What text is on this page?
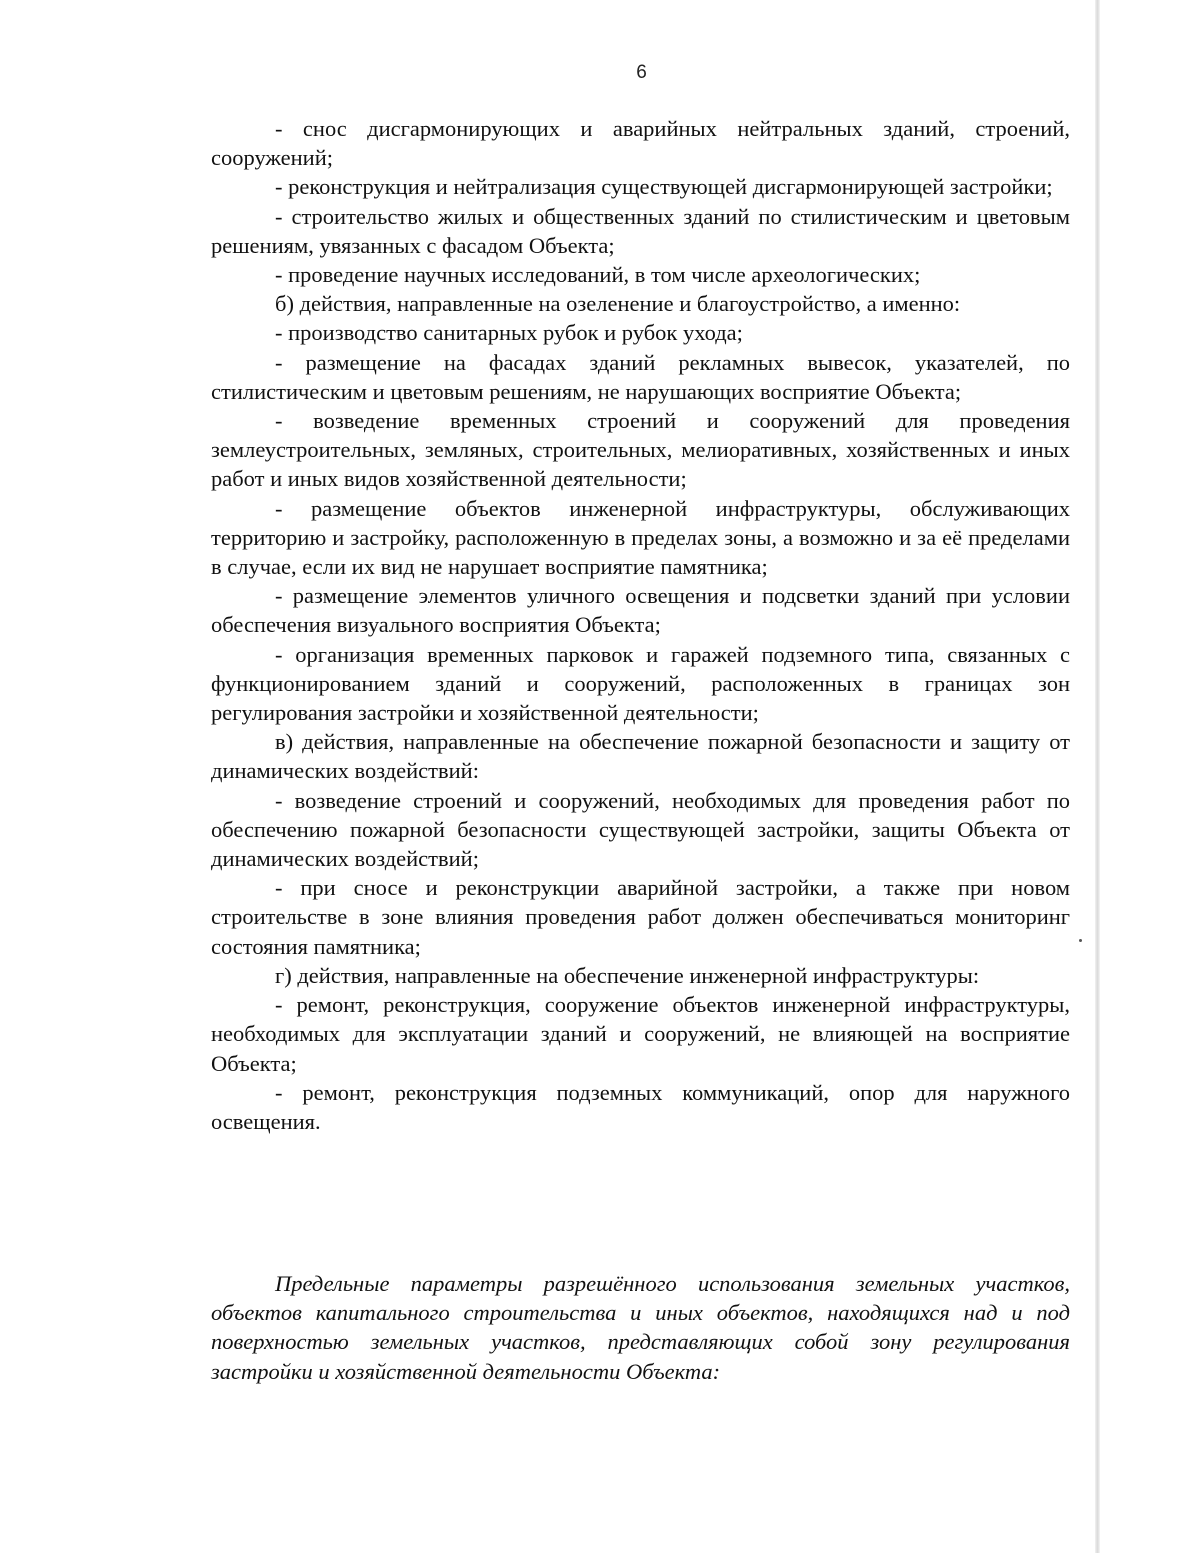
6

- снос дисгармонирующих и аварийных нейтральных зданий, строений, сооружений;

- реконструкция и нейтрализация существующей дисгармонирующей застройки;

- строительство жилых и общественных зданий по стилистическим и цветовым решениям, увязанных с фасадом Объекта;

- проведение научных исследований, в том числе археологических;

б) действия, направленные на озеленение и благоустройство, а именно:

- производство санитарных рубок и рубок ухода;

- размещение на фасадах зданий рекламных вывесок, указателей, по стилистическим и цветовым решениям, не нарушающих восприятие Объекта;

- возведение временных строений и сооружений для проведения землеустроительных, земляных, строительных, мелиоративных, хозяйственных и иных работ и иных видов хозяйственной деятельности;

- размещение объектов инженерной инфраструктуры, обслуживающих территорию и застройку, расположенную в пределах зоны, а возможно и за её пределами в случае, если их вид не нарушает восприятие памятника;

- размещение элементов уличного освещения и подсветки зданий при условии обеспечения визуального восприятия Объекта;

- организация временных парковок и гаражей подземного типа, связанных с функционированием зданий и сооружений, расположенных в границах зон регулирования застройки и хозяйственной деятельности;

в) действия, направленные на обеспечение пожарной безопасности и защиту от динамических воздействий:

- возведение строений и сооружений, необходимых для проведения работ по обеспечению пожарной безопасности существующей застройки, защиты Объекта от динамических воздействий;

- при сносе и реконструкции аварийной застройки, а также при новом строительстве в зоне влияния проведения работ должен обеспечиваться мониторинг состояния памятника;

г) действия, направленные на обеспечение инженерной инфраструктуры:

- ремонт, реконструкция, сооружение объектов инженерной инфраструктуры, необходимых для эксплуатации зданий и сооружений, не влияющей на восприятие Объекта;

- ремонт, реконструкция подземных коммуникаций, опор для наружного освещения.

Предельные параметры разрешённого использования земельных участков, объектов капитального строительства и иных объектов, находящихся над и под поверхностью земельных участков, представляющих собой зону регулирования застройки и хозяйственной деятельности Объекта:
